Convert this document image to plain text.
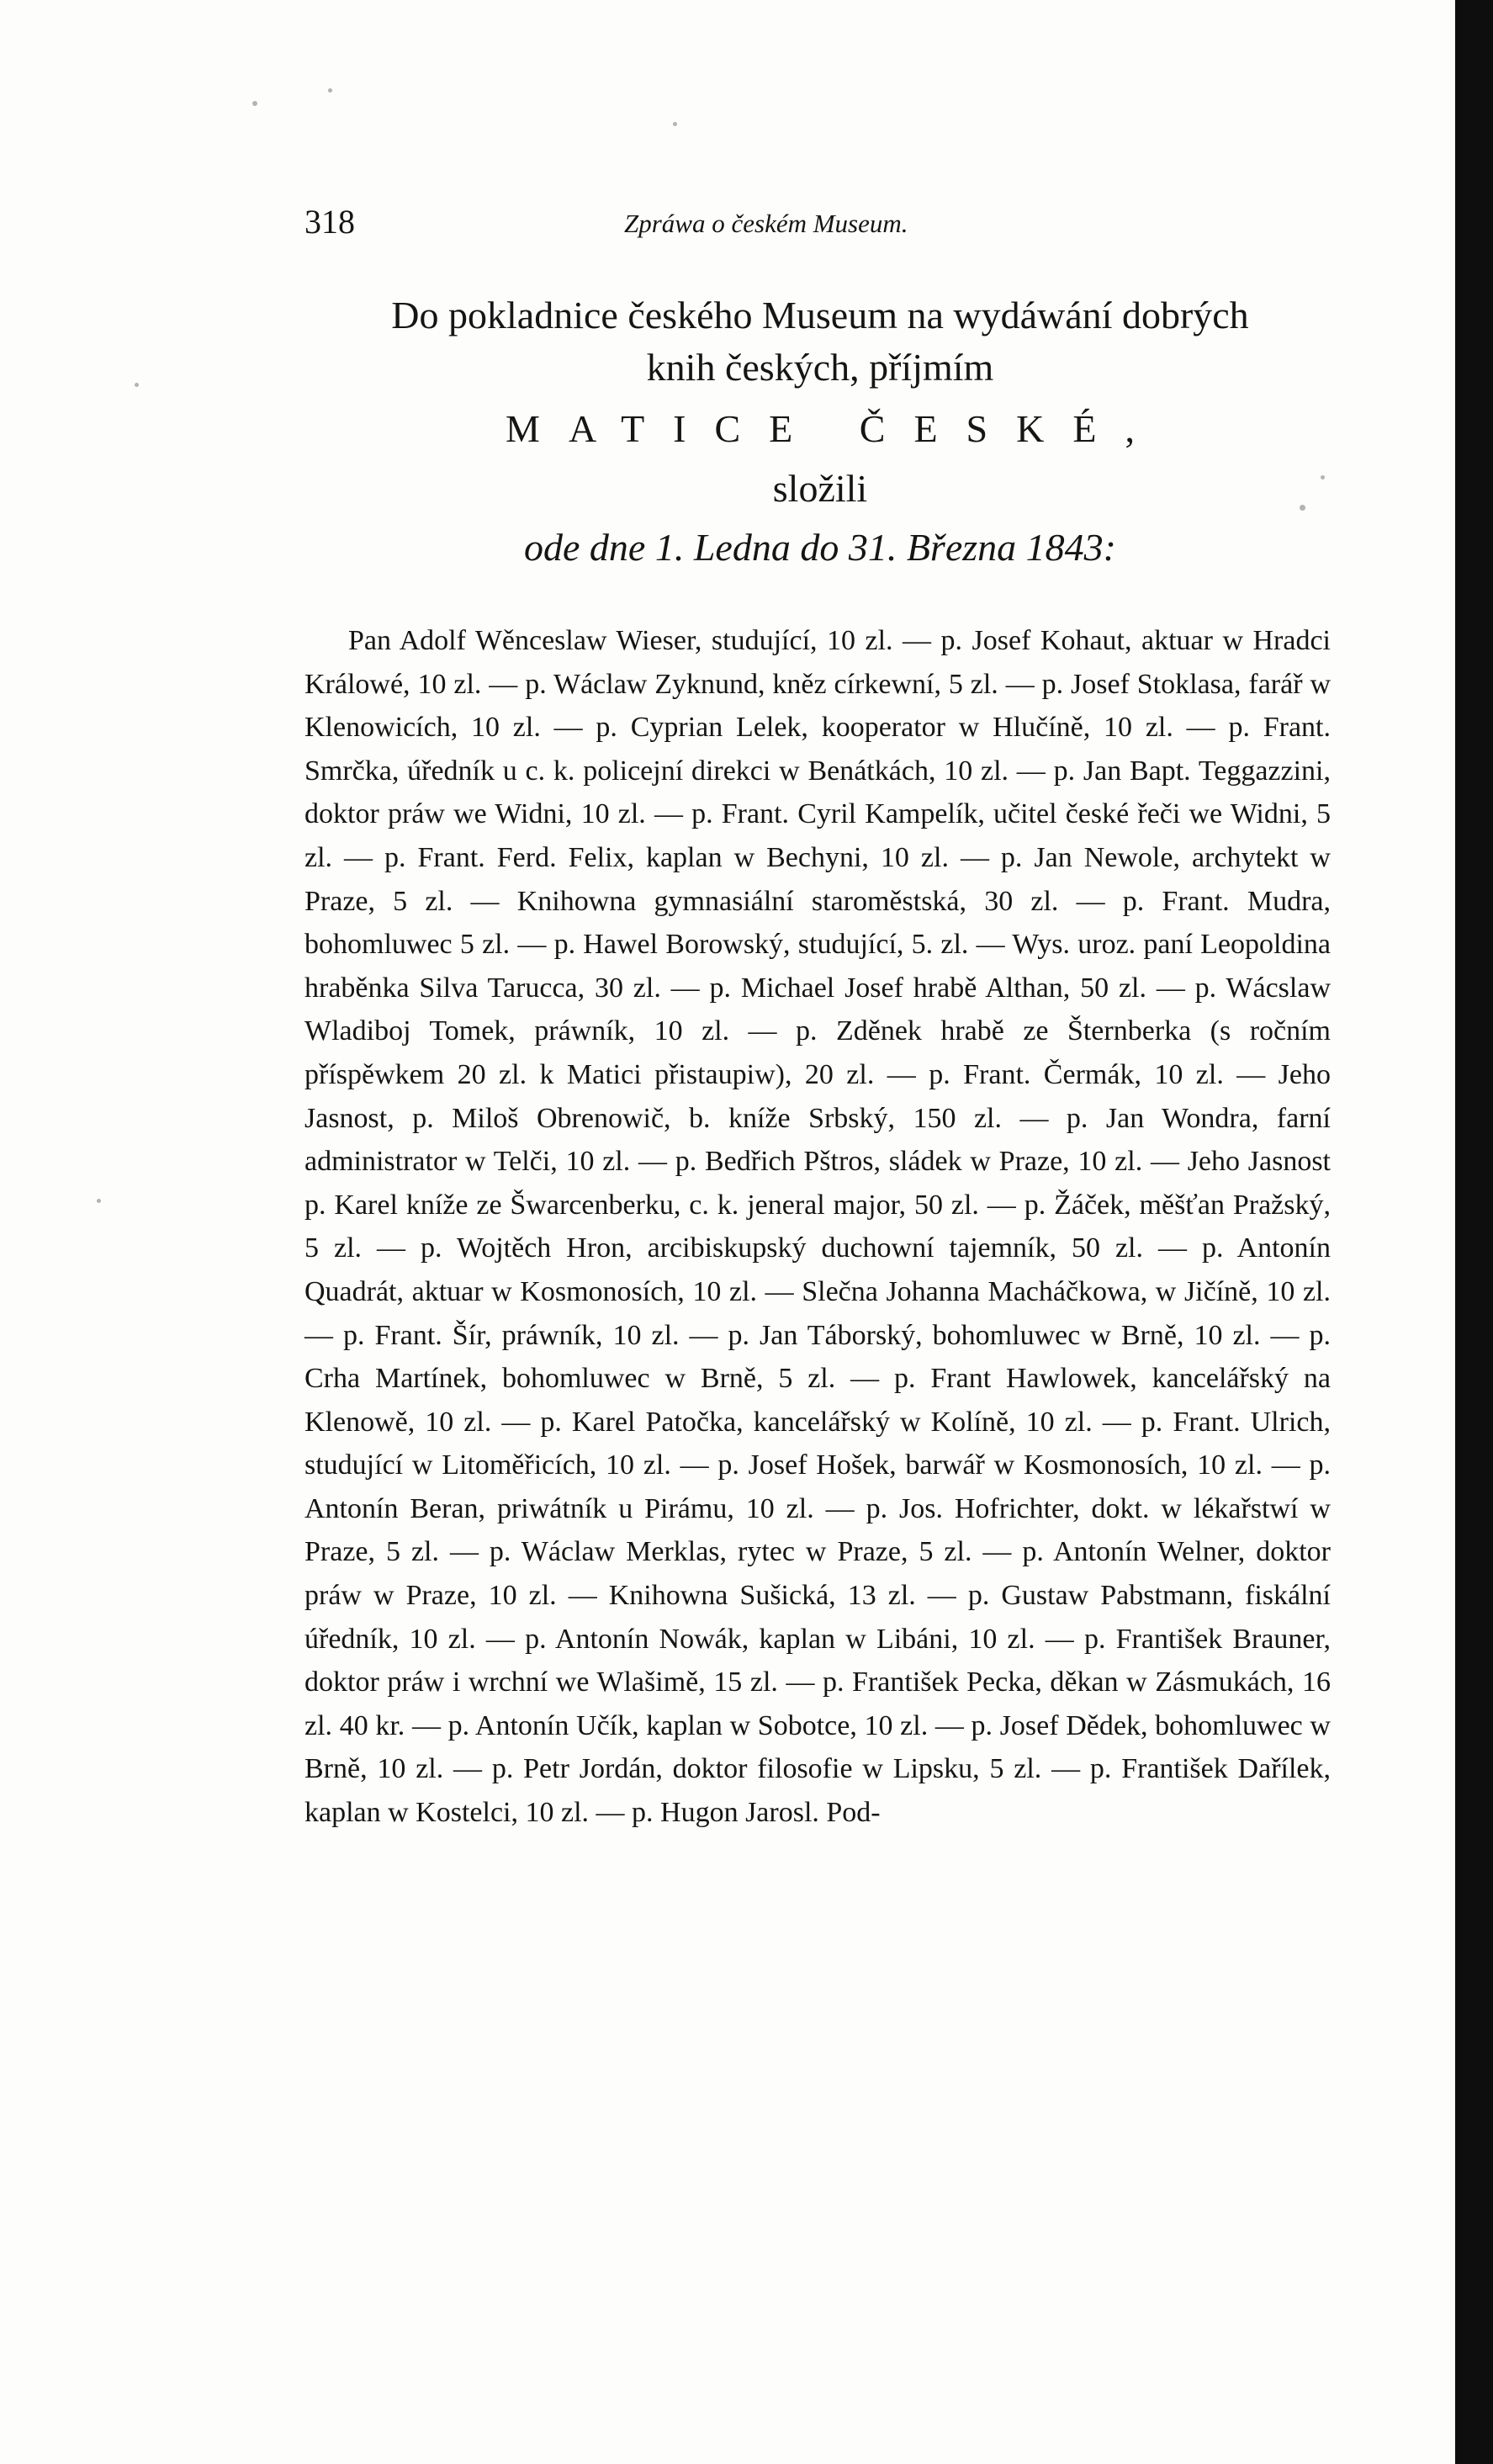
318	Zpráwa o českém Museum.
Do pokladnice českého Museum na wydáwání dobrých
knih českých, příjmím
MATICE ČESKÉ,
složili
ode dne 1. Ledna do 31. Března 1843:

Pan Adolf Wěnceslaw Wieser, studující, 10 zl. — p. Josef Kohaut, aktuar w Hradci Králowé, 10 zl. — p. Wáclaw Zyknund, kněz církewní, 5 zl. — p. Josef Stoklasa, farář w Klenowicích, 10 zl. — p. Cyprian Lelek, kooperator w Hlučíně, 10 zl. — p. Frant. Smrčka, úředník u c. k. policejní direkci w Benátkách, 10 zl. — p. Jan Bapt. Teggazzini, doktor práw we Widni, 10 zl. — p. Frant. Cyril Kampelík, učitel české řeči we Widni, 5 zl. — p. Frant. Ferd. Felix, kaplan w Bechyni, 10 zl. — p. Jan Newole, archytekt w Praze, 5 zl. — Knihowna gymnasiální staroměstská, 30 zl. — p. Frant. Mudra, bohomluwec 5 zl. — p. Hawel Borowský, studující, 5. zl. — Wys. uroz. paní Leopoldina hraběnka Silva Tarucca, 30 zl. — p. Michael Josef hrabě Althan, 50 zl. — p. Wácslaw Wladiboj Tomek, práwník, 10 zl. — p. Zděnek hrabě ze Šternberka (s ročním příspěwkem 20 zl. k Matici přistaupiw), 20 zl. — p. Frant. Čermák, 10 zl. — Jeho Jasnost, p. Miloš Obrenowič, b. kníže Srbský, 150 zl. — p. Jan Wondra, farní administrator w Telči, 10 zl. — p. Bedřich Pštros, sládek w Praze, 10 zl. — Jeho Jasnost p. Karel kníže ze Šwarcenberku, c. k. jeneral major, 50 zl. — p. Žáček, měšťan Pražský, 5 zl. — p. Wojtěch Hron, arcibiskupský duchowní tajemník, 50 zl. — p. Antonín Quadrát, aktuar w Kosmonosích, 10 zl. — Slečna Johanna Macháčkowa, w Jičíně, 10 zl. — p. Frant. Šír, práwník, 10 zl. — p. Jan Táborský, bohomluwec w Brně, 10 zl. — p. Crha Martínek, bohomluwec w Brně, 5 zl. — p. Frant Hawlowek, kancelářský na Klenowě, 10 zl. — p. Karel Patočka, kancelářský w Kolíně, 10 zl. — p. Frant. Ulrich, studující w Litoměřicích, 10 zl. — p. Josef Hošek, barwář w Kosmonosích, 10 zl. — p. Antonín Beran, priwátník u Pirámu, 10 zl. — p. Jos. Hofrichter, dokt. w lékařstwí w Praze, 5 zl. — p. Wáclaw Merklas, rytec w Praze, 5 zl. — p. Antonín Welner, doktor práw w Praze, 10 zl. — Knihowna Sušická, 13 zl. — p. Gustaw Pabstmann, fiskální úředník, 10 zl. — p. Antonín Nowák, kaplan w Libáni, 10 zl. — p. František Brauner, doktor práw i wrchní we Wlašimě, 15 zl. — p. František Pecka, děkan w Zásmukách, 16 zl. 40 kr. — p. Antonín Učík, kaplan w Sobotce, 10 zl. — p. Josef Dědek, bohomluwec w Brně, 10 zl. — p. Petr Jordán, doktor filosofie w Lipsku, 5 zl. — p. František Dařílek, kaplan w Kostelci, 10 zl. — p. Hugon Jarosl. Pod-
